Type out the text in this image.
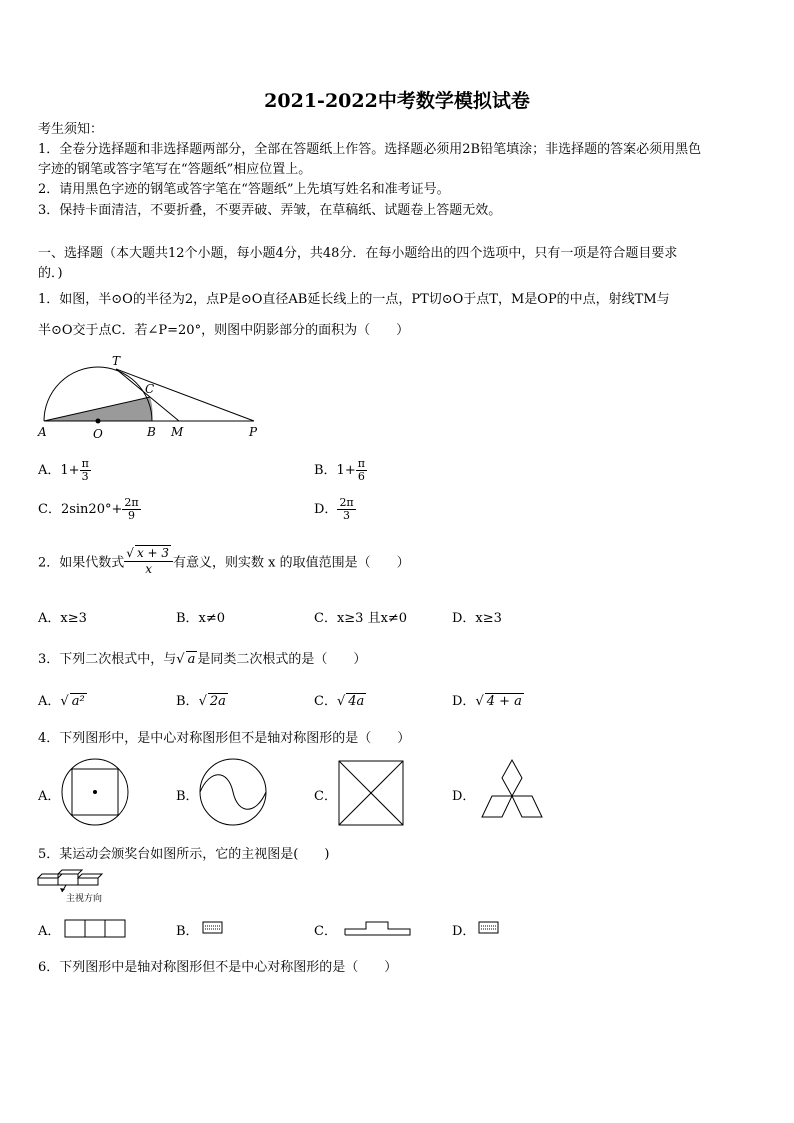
2021-2022中考数学模拟试卷
考生须知：
1．全卷分选择题和非选择题两部分，全部在答题纸上作答。选择题必须用2B铅笔填涂；非选择题的答案必须用黑色
字迹的钢笔或答字笔写在“答题纸”相应位置上。
2．请用黑色字迹的钢笔或答字笔在“答题纸”上先填写姓名和准考证号。
3．保持卡面清洁，不要折叠，不要弄破、弄皱，在草稿纸、试题卷上答题无效。
一、选择题（本大题共12个小题，每小题4分，共48分．在每小题给出的四个选项中，只有一项是符合题目要求
的．)
1．如图，半⊙O的半径为2，点P是⊙O直径AB延长线上的一点，PT切⊙O于点T，M是OP的中点，射线TM与
半⊙O交于点C．若∠P=20°，则图中阴影部分的面积为（　　）
T
C
A	O	B M	P
A．$1+ \frac{\pi}{3}$	B．$1+ \frac{\pi}{6}$
C．$2\sin 20^\circ+ \frac{2\pi}{9}$	D． $\frac{2\pi}{3}$
2．如果代数式 $\frac{√ x + 3}{x}$ 有意义，则实数 x 的取值范围是（　　）
A．x≥3	B．x≠0	C．x≥3 且x≠0	D．x≥3
3．下列二次根式中，与√ a 是同类二次根式的是（　　）
A．√ a²	B．√ 2a	C．√ 4a	D．√ 4 + a
4．下列图形中，是中心对称图形但不是轴对称图形的是（　　）
A．	B．	C．	D．
5．某运动会颁奖台如图所示，它的主视图是(　　)
主视方向
A．	B．	C．	D．
6．下列图形中是轴对称图形但不是中心对称图形的是（　　）
